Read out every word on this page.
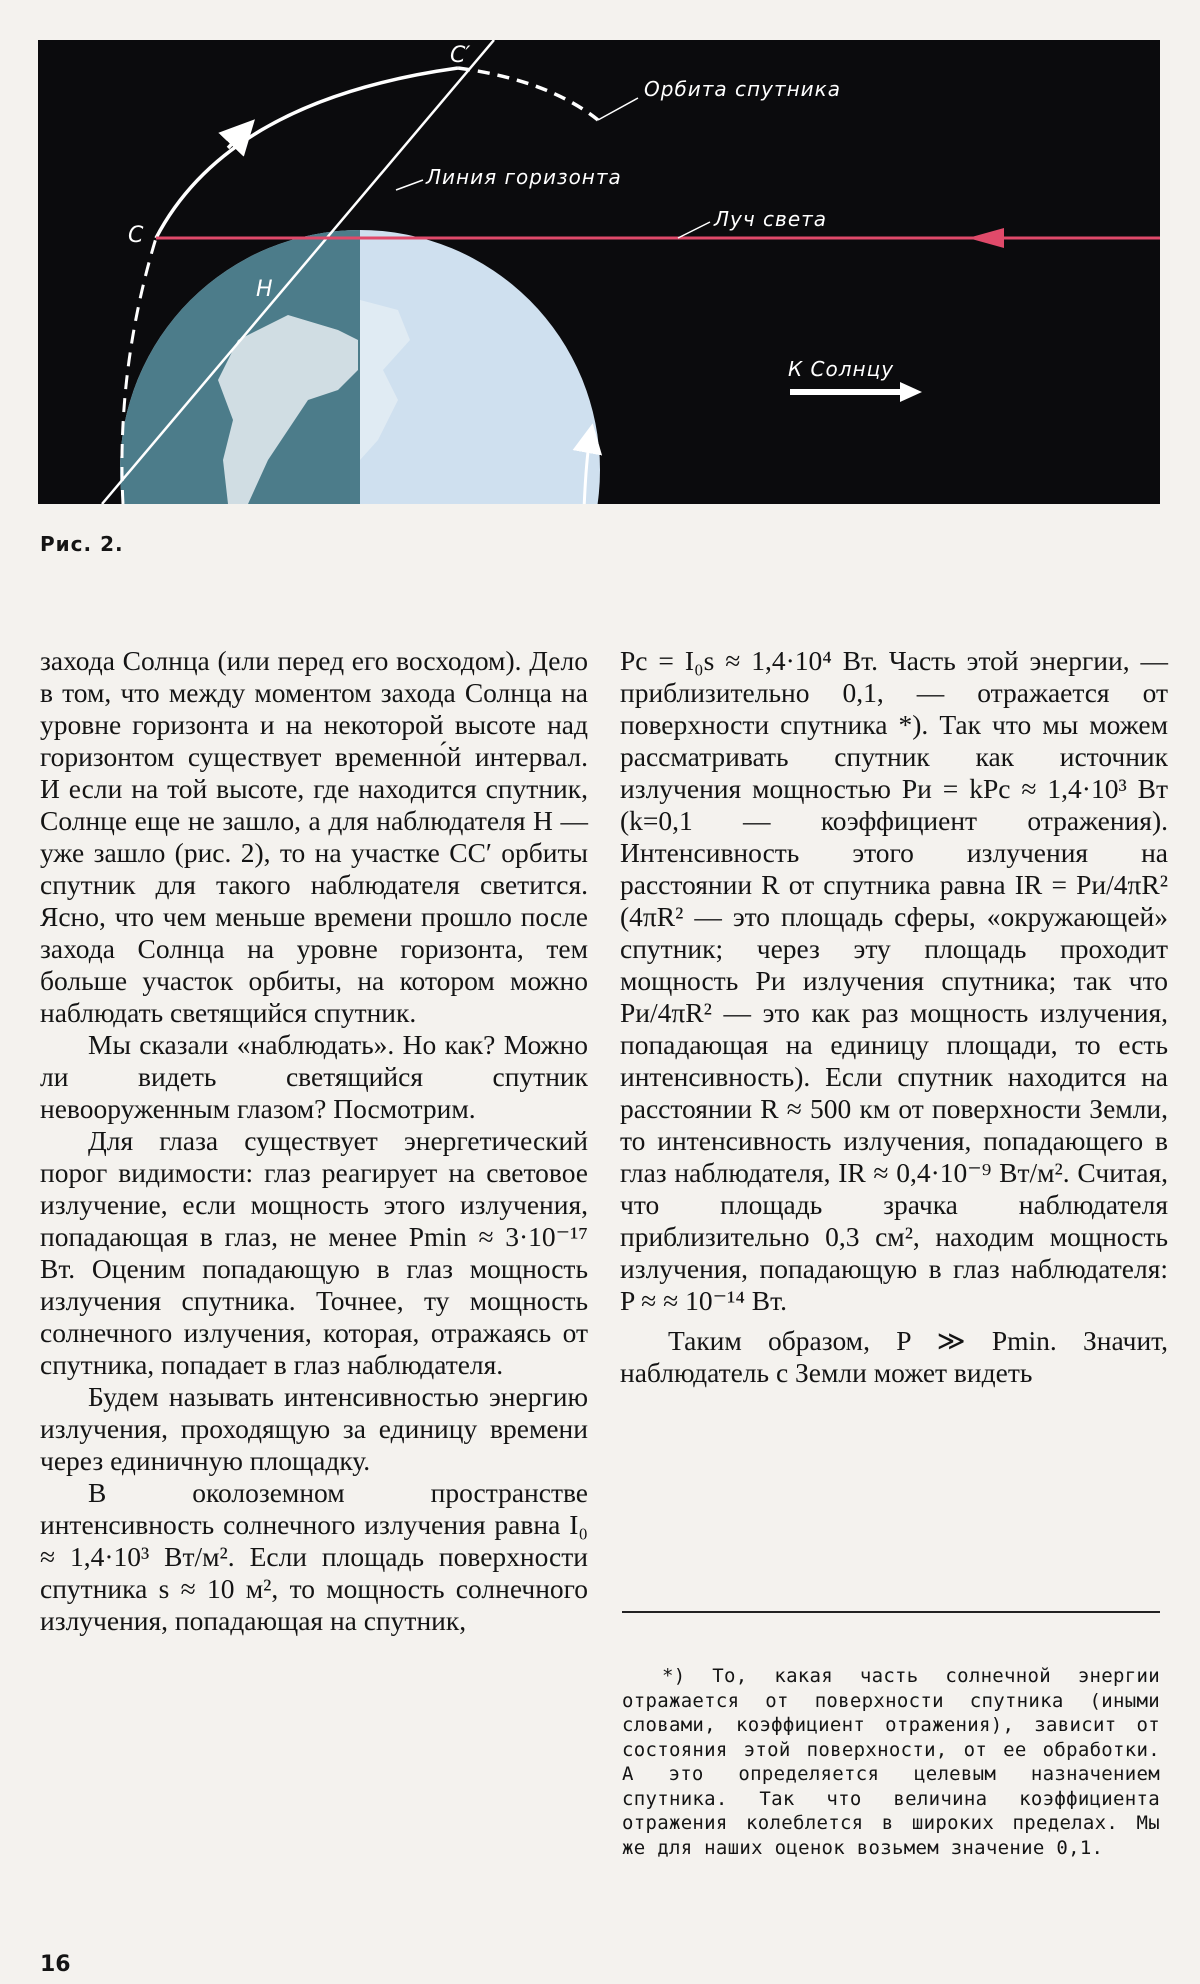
Орбита спутника
Линия горизонта
Луч света
К Солнцу
C
C′
H
Рис. 2.

захода Солнца (или перед его восходом). Дело в том, что между моментом захода Солнца на уровне горизонта и на некоторой высоте над горизонтом существует временно́й интервал. И если на той высоте, где находится спутник, Солнце еще не зашло, а для наблюдателя H — уже зашло (рис. 2), то на участке CC′ орбиты спутник для такого наблюдателя светится. Ясно, что чем меньше времени прошло после захода Солнца на уровне горизонта, тем больше участок орбиты, на котором можно наблюдать светящийся спутник.

Мы сказали «наблюдать». Но как? Можно ли видеть светящийся спутник невооруженным глазом? Посмотрим.

Для глаза существует энергетический порог видимости: глаз реагирует на световое излучение, если мощность этого излучения, попадающая в глаз, не менее Pmin ≈ 3·10⁻¹⁷ Вт. Оценим попадающую в глаз мощность излучения спутника. Точнее, ту мощность солнечного излучения, которая, отражаясь от спутника, попадает в глаз наблюдателя.

Будем называть интенсивностью энергию излучения, проходящую за единицу времени через единичную площадку.

В околоземном пространстве интенсивность солнечного излучения равна I₀ ≈ 1,4·10³ Вт/м². Если площадь поверхности спутника s ≈ 10 м², то мощность солнечного излучения, попадающая на спутник,

Pc = I₀s ≈ 1,4·10⁴ Вт. Часть этой энергии, — приблизительно 0,1, — отражается от поверхности спутника *). Так что мы можем рассматривать спутник как источник излучения мощностью Pи = kPc ≈ 1,4·10³ Вт (k=0,1 — коэффициент отражения). Интенсивность этого излучения на расстоянии R от спутника равна IR = Pи/4πR² (4πR² — это площадь сферы, «окружающей» спутник; через эту площадь проходит мощность Pи излучения спутника; так что Pи/4πR² — это как раз мощность излучения, попадающая на единицу площади, то есть интенсивность). Если спутник находится на расстоянии R ≈ 500 км от поверхности Земли, то интенсивность излучения, попадающего в глаз наблюдателя, IR ≈ 0,4·10⁻⁹ Вт/м². Считая, что площадь зрачка наблюдателя приблизительно 0,3 см², находим мощность излучения, попадающую в глаз наблюдателя: P ≈ ≈ 10⁻¹⁴ Вт.

Таким образом, P ≫ Pmin. Значит, наблюдатель с Земли может видеть

*) То, какая часть солнечной энергии отражается от поверхности спутника (иными словами, коэффициент отражения), зависит от состояния этой поверхности, от ее обработки. А это определяется целевым назначением спутника. Так что величина коэффициента отражения колеблется в широких пределах. Мы же для наших оценок возьмем значение 0,1.
16
